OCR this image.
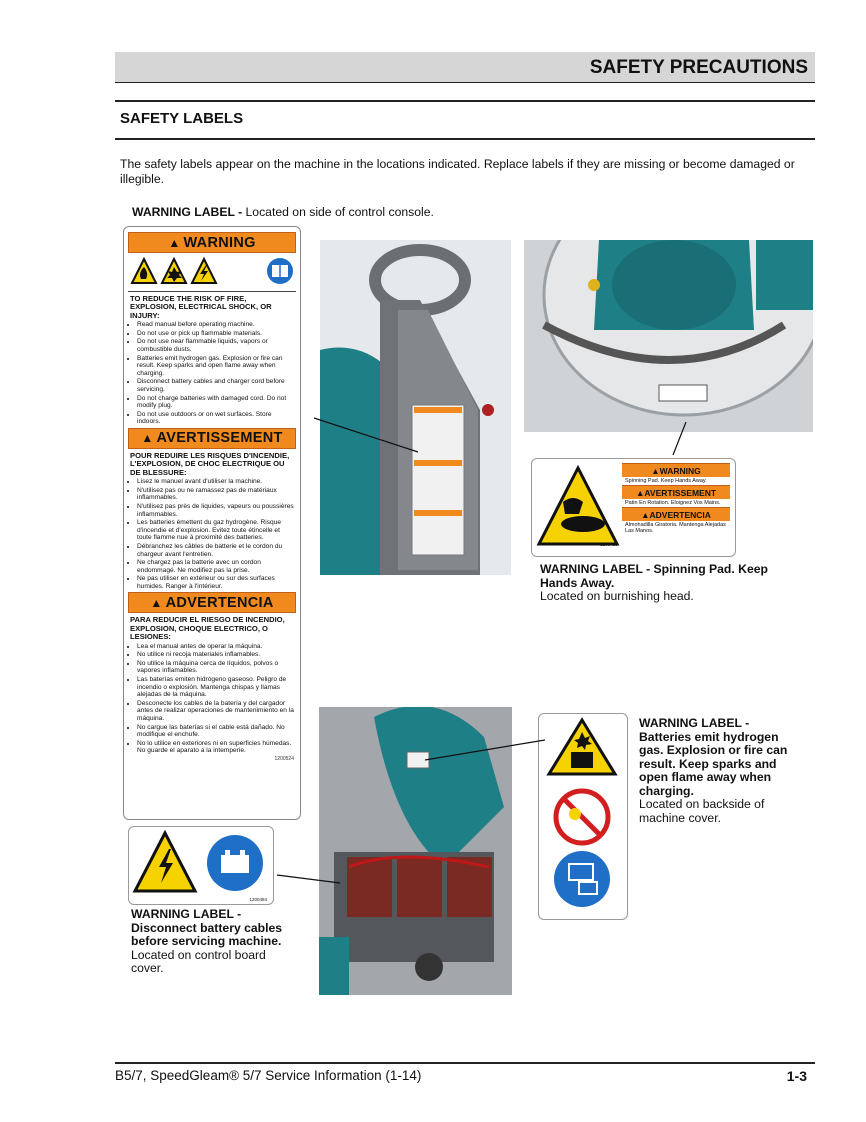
SAFETY PRECAUTIONS
SAFETY LABELS
The safety labels appear on the machine in the locations indicated. Replace labels if they are missing or become damaged or illegible.
WARNING LABEL - Located on side of control console.
▲ WARNING
TO REDUCE THE RISK OF FIRE, EXPLOSION, ELECTRICAL SHOCK, OR INJURY:
• Read manual before operating machine.
• Do not use or pick up flammable materials.
• Do not use near flammable liquids, vapors or combustible dusts.
• Batteries emit hydrogen gas. Explosion or fire can result. Keep sparks and open flame away when charging.
• Disconnect battery cables and charger cord before servicing.
• Do not charge batteries with damaged cord. Do not modify plug.
• Do not use outdoors or on wet surfaces. Store indoors.
▲ AVERTISSEMENT
POUR REDUIRE LES RISQUES D'INCENDIE, L'EXPLOSION, DE CHOC ELECTRIQUE OU DE BLESSURE:
• Lisez le manuel avant d'utiliser la machine.
• N'utilisez pas ou ne ramassez pas de matériaux inflammables.
• N'utilisez pas près de liquides, vapeurs ou poussières inflammables.
• Les batteries émettent du gaz hydrogène. Risque d'incendie et d'explosion. Evitez toute étincelle et toute flamme nue à proximité des batteries.
• Débranchez les câbles de batterie et le cordon du chargeur avant l'entretien.
• Ne chargez pas la batterie avec un cordon endommagé. Ne modifiez pas la prise.
• Ne pas utiliser en extérieur ou sur des surfaces humides. Ranger à l'intérieur.
▲ ADVERTENCIA
PARA REDUCIR EL RIESGO DE INCENDIO, EXPLOSION, CHOQUE ELECTRICO, O LESIONES:
• Lea el manual antes de operar la máquina.
• No utilice ni recoja materiales inflamables.
• No utilice la máquina cerca de líquidos, polvos o vapores inflamables.
• Las baterías emiten hidrógeno gaseoso. Peligro de incendio o explosión. Mantenga chispas y llamas alejadas de la máquina.
• Desconecte los cables de la batería y del cargador antes de realizar operaciones de mantenimiento en la máquina.
• No cargue las baterías si el cable está dañado. No modifique el enchufe.
• No lo utilice en exteriores ni en superficies húmedas. No guarde el aparato a la intemperie.
1200524
▲ WARNING
Spinning Pad. Keep Hands Away.
▲ AVERTISSEMENT
Patin En Rotation. Eloignez Vos Mains.
▲ ADVERTENCIA
Almohadilla Giratoria. Mantenga Alejadas Las Manos.
1200753
WARNING LABEL - Spinning Pad. Keep Hands Away.
Located on burnishing head.
WARNING LABEL - Batteries emit hydrogen gas. Explosion or fire can result. Keep sparks and open flame away when charging.
Located on backside of machine cover.
1200484
WARNING LABEL - Disconnect battery cables before servicing machine.
Located on control board cover.
B5/7, SpeedGleam® 5/7 Service Information (1-14)	1-3
